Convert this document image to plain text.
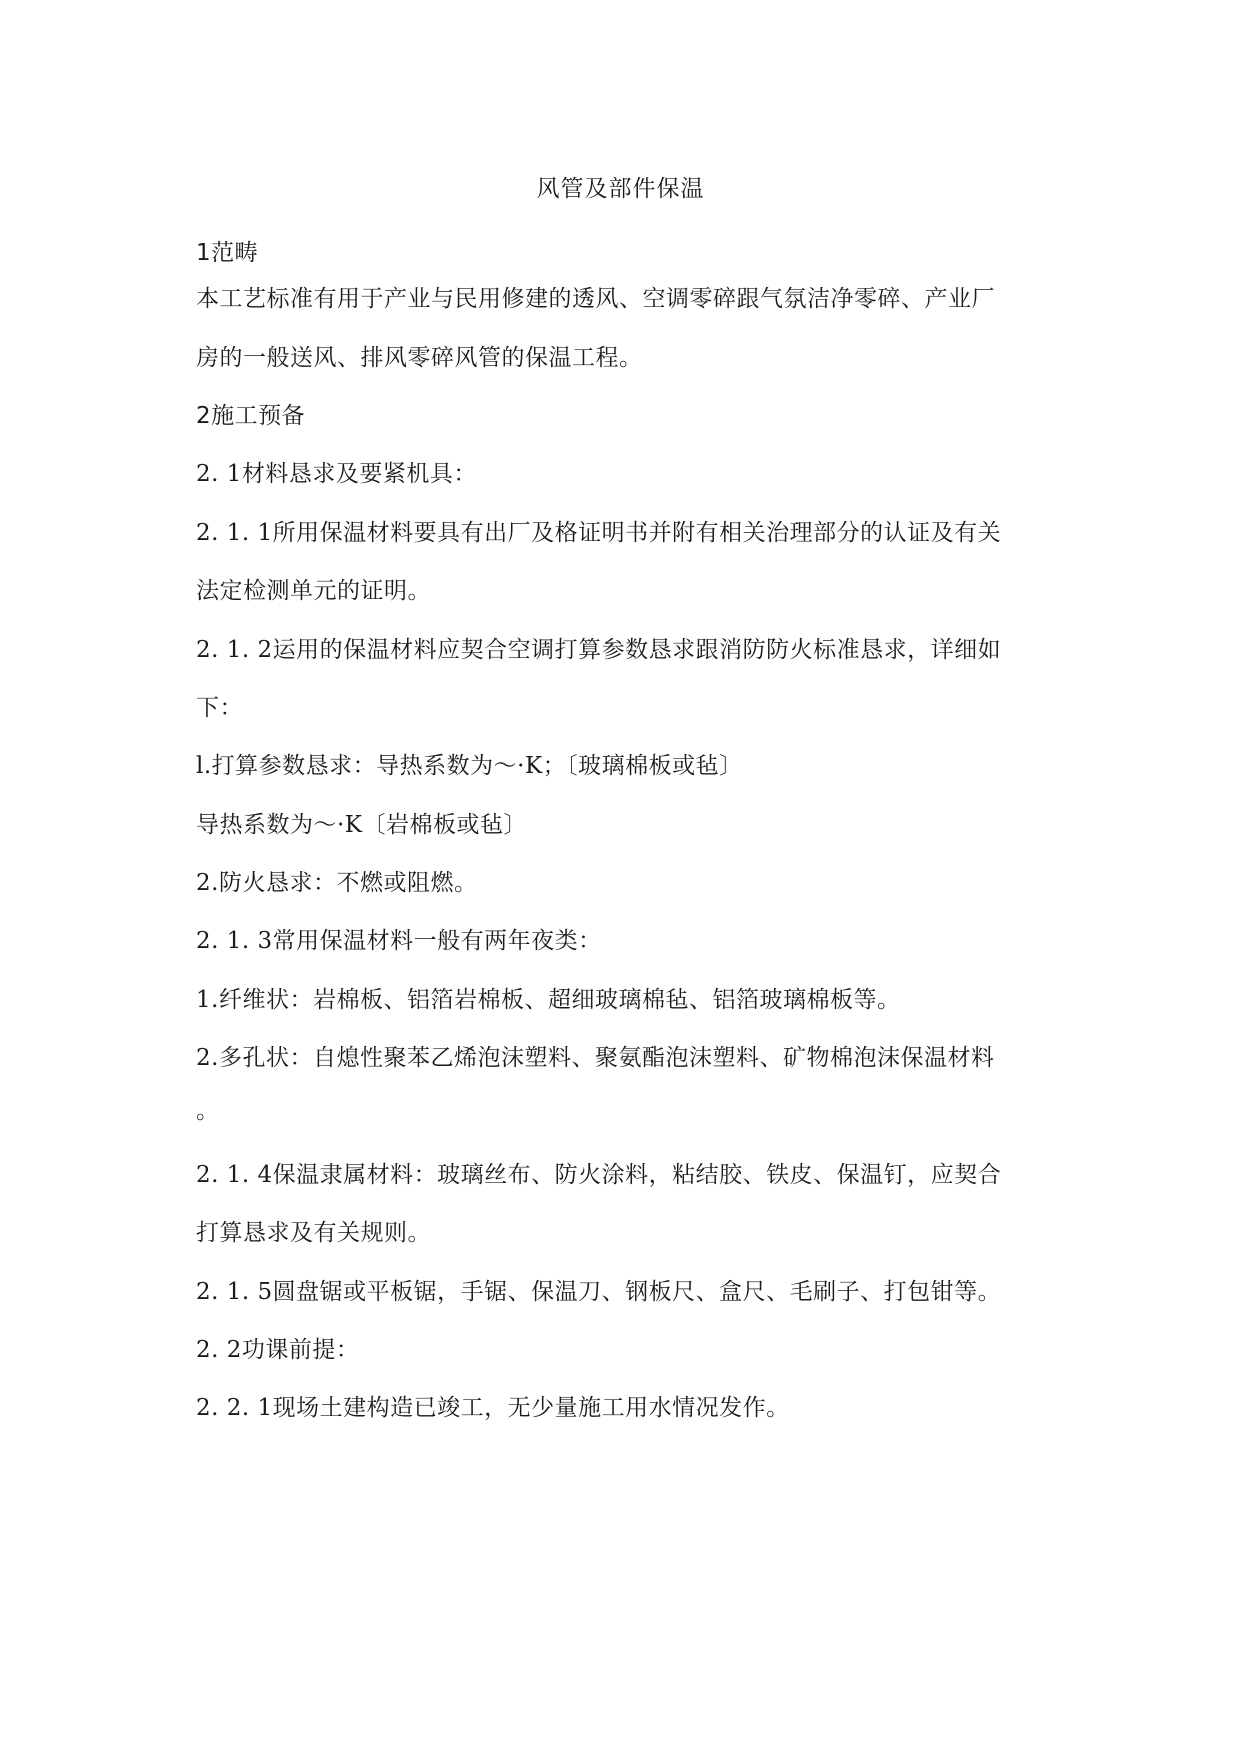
风管及部件保温
1范畴
本工艺标准有用于产业与民用修建的透风、空调零碎跟气氛洁净零碎、产业厂
房的一般送风、排风零碎风管的保温工程。
2施工预备
2. 1材料恳求及要紧机具：
2. 1. 1所用保温材料要具有出厂及格证明书并附有相关治理部分的认证及有关
法定检测单元的证明。
2. 1. 2运用的保温材料应契合空调打算参数恳求跟消防防火标准恳求，详细如
下：
l.打算参数恳求：导热系数为～·K；〔玻璃棉板或毡〕
导热系数为～·K〔岩棉板或毡〕
2.防火恳求：不燃或阻燃。
2. 1. 3常用保温材料一般有两年夜类：
1.纤维状：岩棉板、铝箔岩棉板、超细玻璃棉毡、铝箔玻璃棉板等。
2.多孔状：自熄性聚苯乙烯泡沫塑料、聚氨酯泡沫塑料、矿物棉泡沫保温材料
。
2. 1. 4保温隶属材料：玻璃丝布、防火涂料，粘结胶、铁皮、保温钉，应契合
打算恳求及有关规则。
2. 1. 5圆盘锯或平板锯，手锯、保温刀、钢板尺、盒尺、毛刷子、打包钳等。
2. 2功课前提：
2. 2. 1现场土建构造已竣工，无少量施工用水情况发作。
